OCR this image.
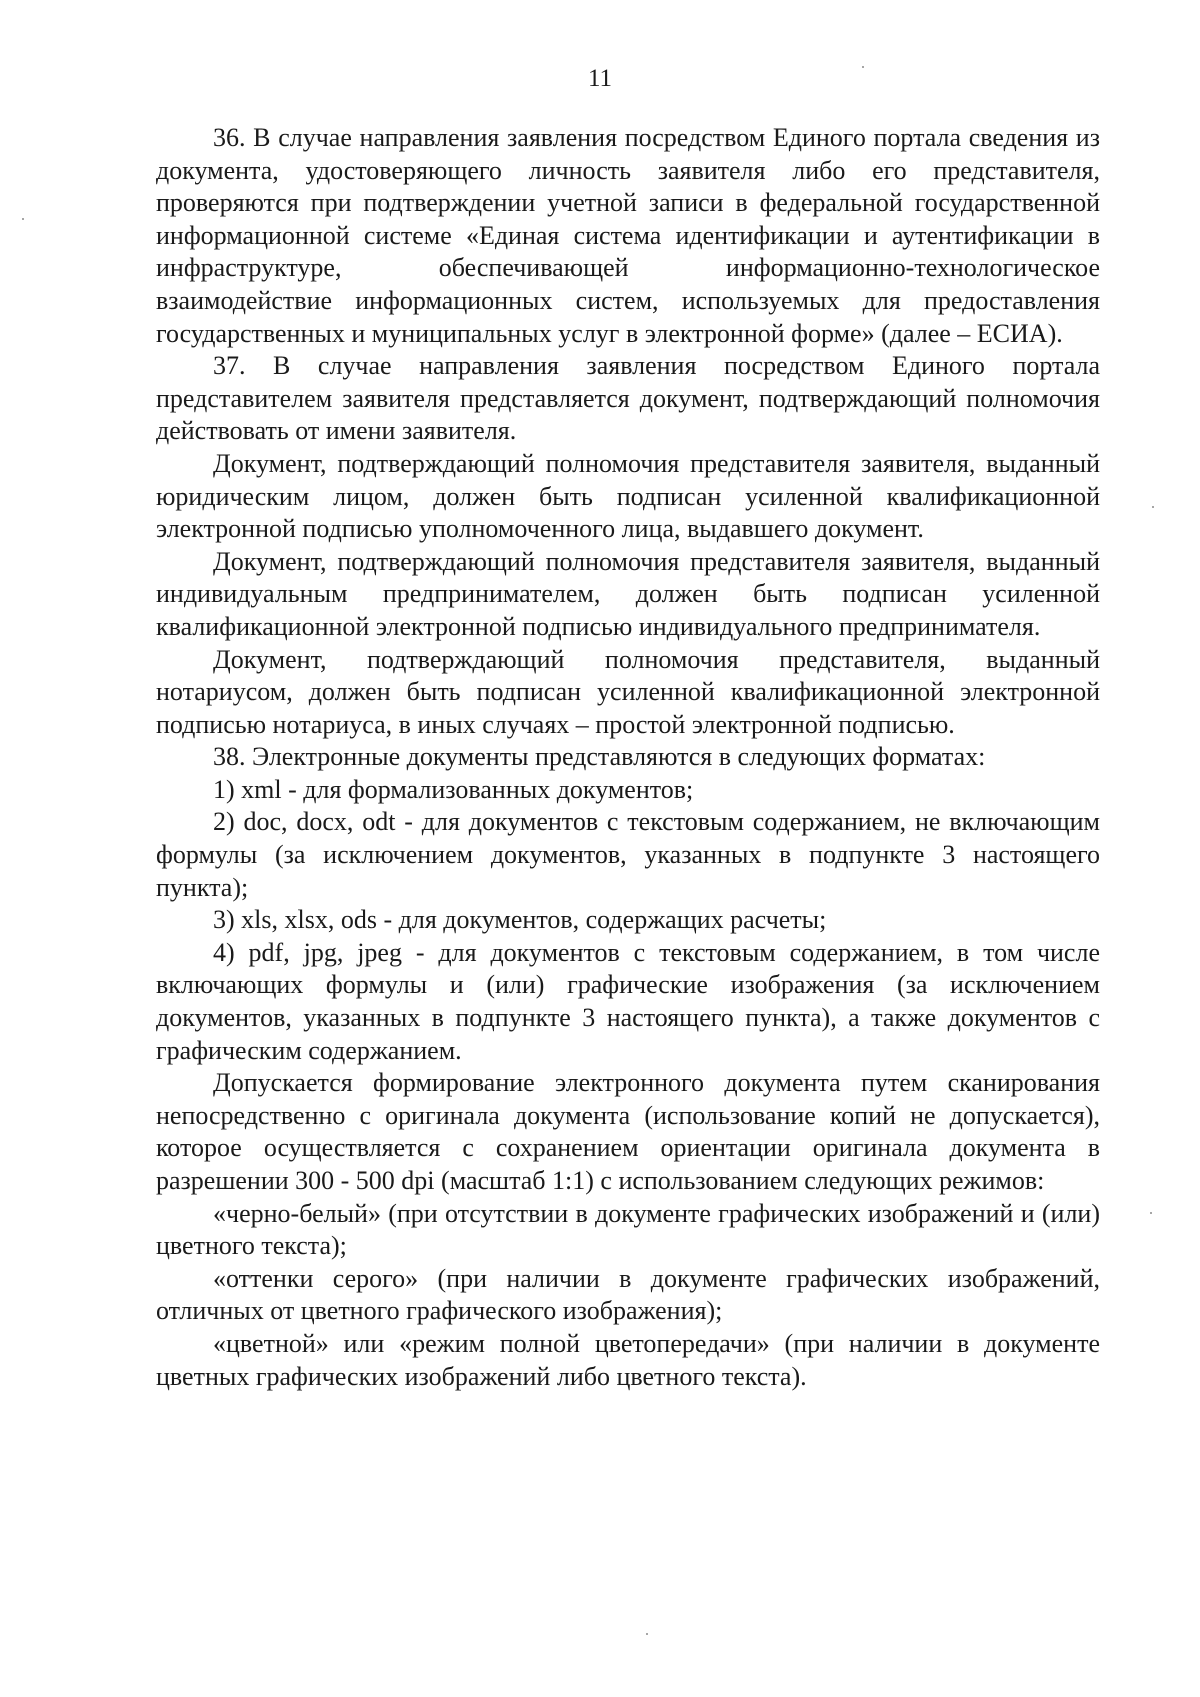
11

36. В случае направления заявления посредством Единого портала сведения из документа, удостоверяющего личность заявителя либо его представителя, проверяются при подтверждении учетной записи в федеральной государственной информационной системе «Единая система идентификации и аутентификации в инфраструктуре, обеспечивающей информационно-технологическое взаимодействие информационных систем, используемых для предоставления государственных и муниципальных услуг в электронной форме» (далее – ЕСИА).

37. В случае направления заявления посредством Единого портала представителем заявителя представляется документ, подтверждающий полномочия действовать от имени заявителя.

Документ, подтверждающий полномочия представителя заявителя, выданный юридическим лицом, должен быть подписан усиленной квалификационной электронной подписью уполномоченного лица, выдавшего документ.

Документ, подтверждающий полномочия представителя заявителя, выданный индивидуальным предпринимателем, должен быть подписан усиленной квалификационной электронной подписью индивидуального предпринимателя.

Документ, подтверждающий полномочия представителя, выданный нотариусом, должен быть подписан усиленной квалификационной электронной подписью нотариуса, в иных случаях – простой электронной подписью.

38. Электронные документы представляются в следующих форматах:

1) xml - для формализованных документов;

2) doc, docx, odt - для документов с текстовым содержанием, не включающим формулы (за исключением документов, указанных в подпункте 3 настоящего пункта);

3) xls, xlsx, ods - для документов, содержащих расчеты;

4) pdf, jpg, jpeg - для документов с текстовым содержанием, в том числе включающих формулы и (или) графические изображения (за исключением документов, указанных в подпункте 3 настоящего пункта), а также документов с графическим содержанием.

Допускается формирование электронного документа путем сканирования непосредственно с оригинала документа (использование копий не допускается), которое осуществляется с сохранением ориентации оригинала документа в разрешении 300 - 500 dpi (масштаб 1:1) с использованием следующих режимов:

«черно-белый» (при отсутствии в документе графических изображений и (или) цветного текста);

«оттенки серого» (при наличии в документе графических изображений, отличных от цветного графического изображения);

«цветной» или «режим полной цветопередачи» (при наличии в документе цветных графических изображений либо цветного текста).
